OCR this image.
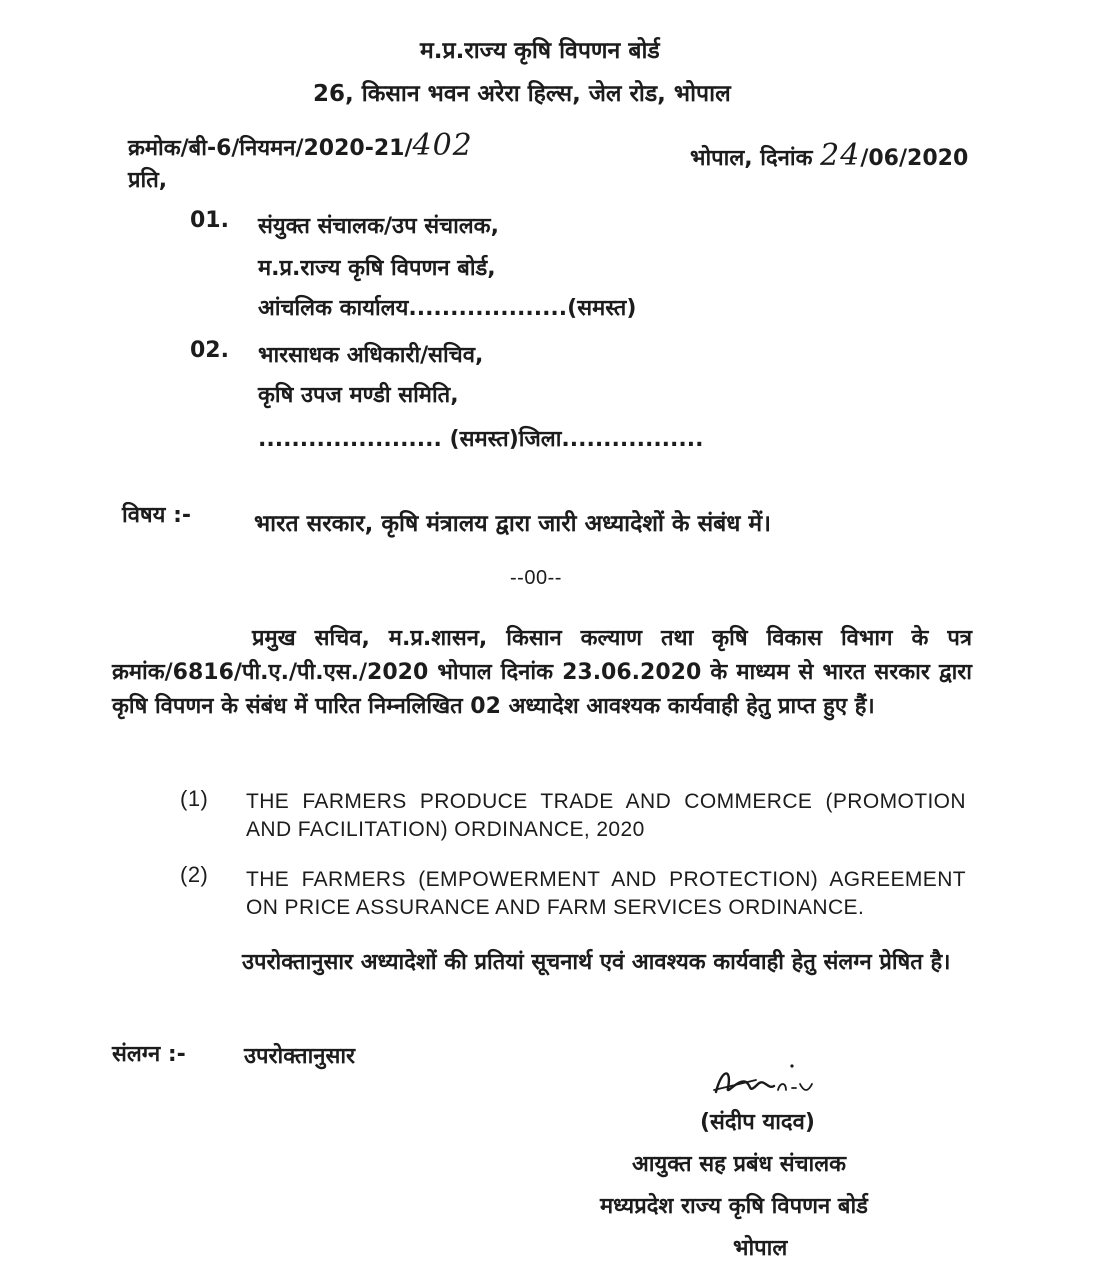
म.प्र.राज्य कृषि विपणन बोर्ड
26, किसान भवन अरेरा हिल्स, जेल रोड, भोपाल
क्रमोक/बी-6/नियमन/2020-21/402	भोपाल, दिनांक 24/06/2020
प्रति,
01. संयुक्त संचालक/उप संचालक,
म.प्र.राज्य कृषि विपणन बोर्ड,
आंचलिक कार्यालय...................(समस्त)
02. भारसाधक अधिकारी/सचिव,
कृषि उपज मण्डी समिति,
...................... (समस्त)जिला.................
विषय :-	भारत सरकार, कृषि मंत्रालय द्वारा जारी अध्यादेशों के संबंध में।
--00--
प्रमुख सचिव, म.प्र.शासन, किसान कल्याण तथा कृषि विकास विभाग के पत्र क्रमांक/6816/पी.ए./पी.एस./2020 भोपाल दिनांक 23.06.2020 के माध्यम से भारत सरकार द्वारा कृषि विपणन के संबंध में पारित निम्नलिखित 02 अध्यादेश आवश्यक कार्यवाही हेतु प्राप्त हुए हैं।
(1) THE FARMERS PRODUCE TRADE AND COMMERCE (PROMOTION AND FACILITATION) ORDINANCE, 2020
(2) THE FARMERS (EMPOWERMENT AND PROTECTION) AGREEMENT ON PRICE ASSURANCE AND FARM SERVICES ORDINANCE.
उपरोक्तानुसार अध्यादेशों की प्रतियां सूचनार्थ एवं आवश्यक कार्यवाही हेतु संलग्न प्रेषित है।
संलग्न :-	उपरोक्तानुसार
(संदीप यादव)
आयुक्त सह प्रबंध संचालक
मध्यप्रदेश राज्य कृषि विपणन बोर्ड
भोपाल
